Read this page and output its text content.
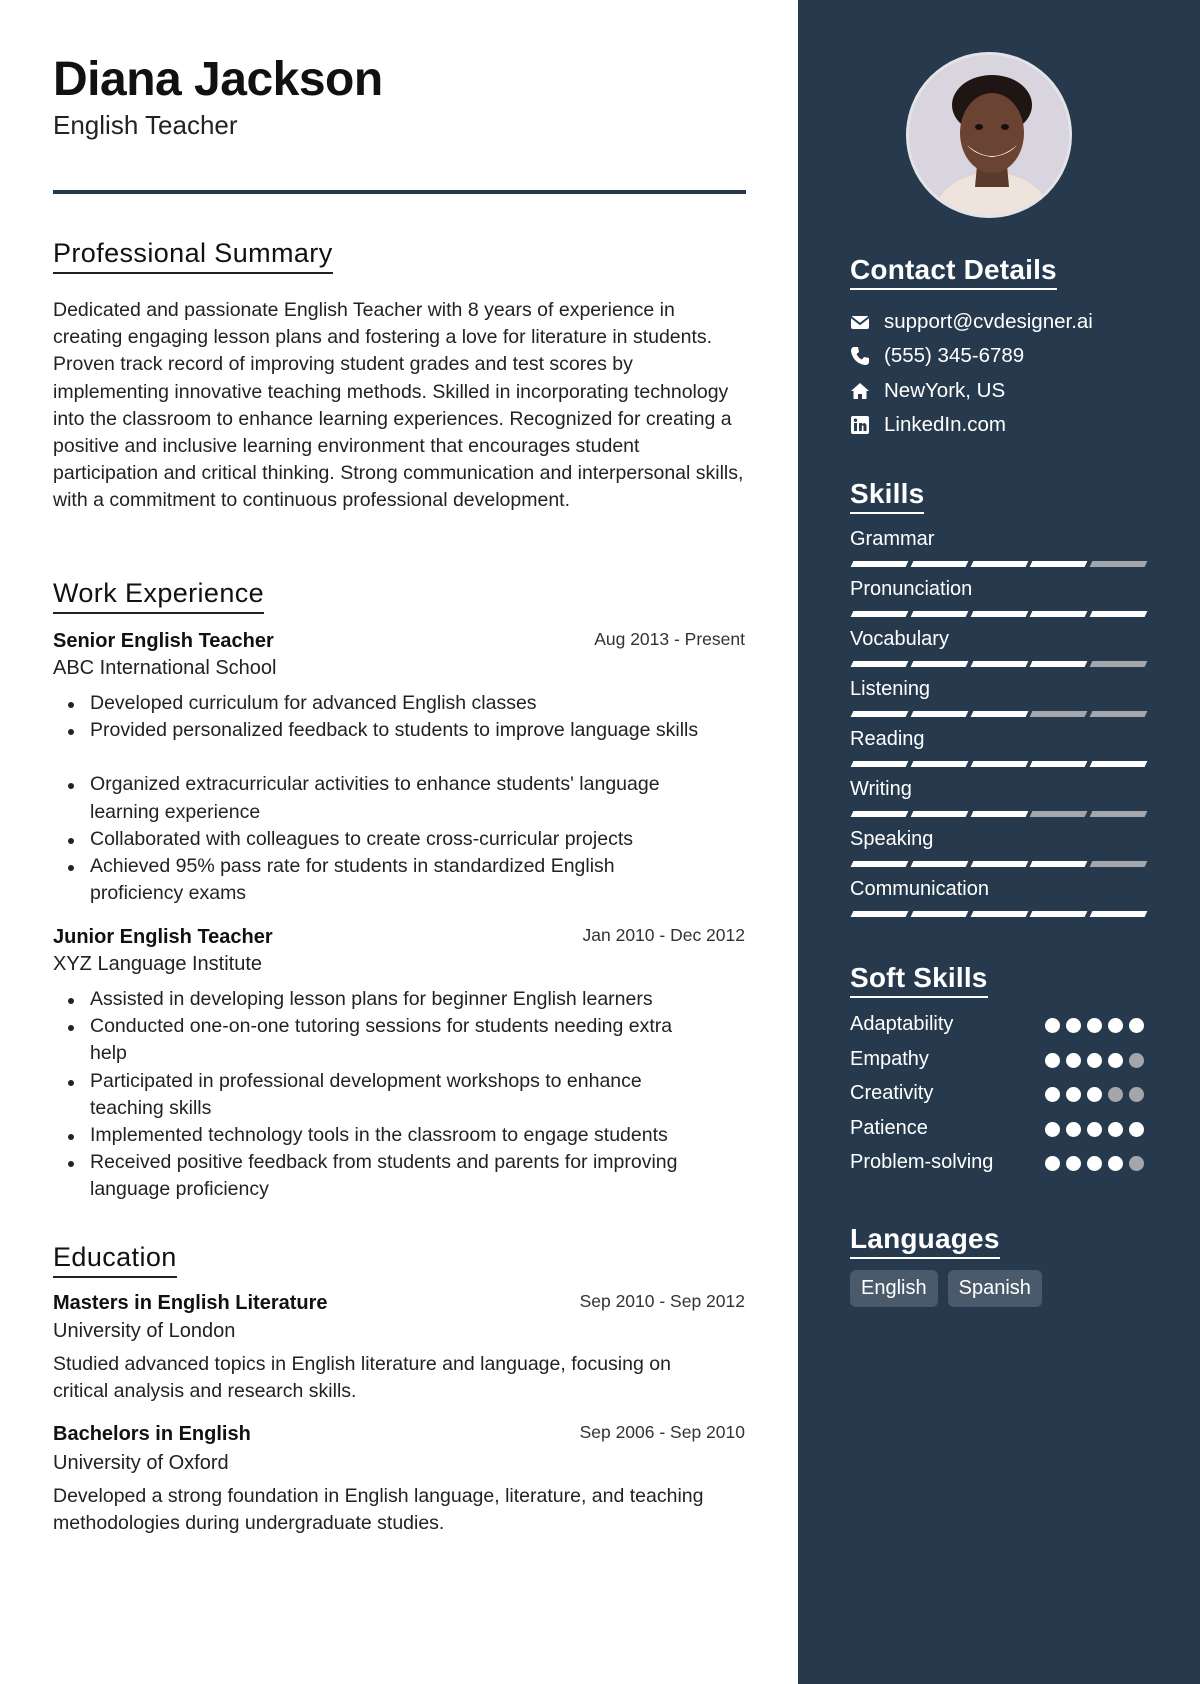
Diana Jackson
English Teacher
Professional Summary

Dedicated and passionate English Teacher with 8 years of experience in creating engaging lesson plans and fostering a love for literature in students. Proven track record of improving student grades and test scores by implementing innovative teaching methods. Skilled in incorporating technology into the classroom to enhance learning experiences. Recognized for creating a positive and inclusive learning environment that encourages student participation and critical thinking. Strong communication and interpersonal skills, with a commitment to continuous professional development.

Work Experience
Senior English Teacher	Aug 2013 - Present
ABC International School
Developed curriculum for advanced English classes
Provided personalized feedback to students to improve language skills
Organized extracurricular activities to enhance students' language learning experience
Collaborated with colleagues to create cross-curricular projects
Achieved 95% pass rate for students in standardized English proficiency exams
Junior English Teacher	Jan 2010 - Dec 2012
XYZ Language Institute
Assisted in developing lesson plans for beginner English learners
Conducted one-on-one tutoring sessions for students needing extra help
Participated in professional development workshops to enhance teaching skills
Implemented technology tools in the classroom to engage students
Received positive feedback from students and parents for improving language proficiency
Education
Masters in English Literature	Sep 2010 - Sep 2012
University of London

Studied advanced topics in English literature and language, focusing on critical analysis and research skills.

Bachelors in English	Sep 2006 - Sep 2010
University of Oxford

Developed a strong foundation in English language, literature, and teaching methodologies during undergraduate studies.

Contact Details
support@cvdesigner.ai
(555) 345-6789
NewYork, US
LinkedIn.com
Skills
Grammar
Pronunciation
Vocabulary
Listening
Reading
Writing
Speaking
Communication
Soft Skills
Adaptability
Empathy
Creativity
Patience
Problem-solving
Languages
English	Spanish
